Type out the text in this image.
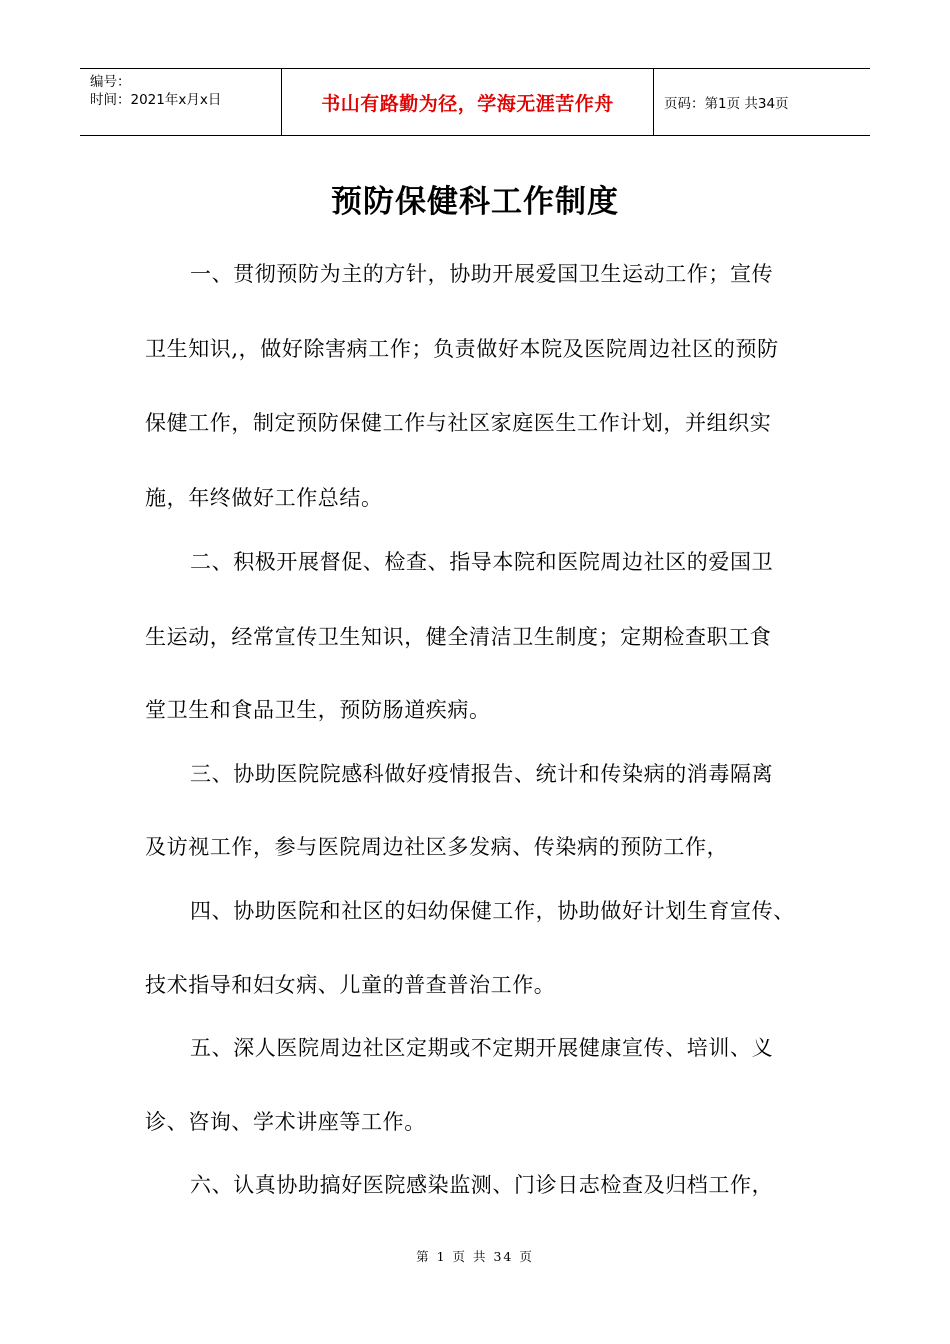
编号：
时间：2021年x月x日	书山有路勤为径，学海无涯苦作舟	页码：第1页 共34页
预防保健科工作制度
一、贯彻预防为主的方针，协助开展爱国卫生运动工作；宣传
卫生知识,，做好除害病工作；负责做好本院及医院周边社区的预防
保健工作，制定预防保健工作与社区家庭医生工作计划，并组织实
施，年终做好工作总结。
二、积极开展督促、检查、指导本院和医院周边社区的爱国卫
生运动，经常宣传卫生知识，健全清洁卫生制度；定期检查职工食
堂卫生和食品卫生，预防肠道疾病。
三、协助医院院感科做好疫情报告、统计和传染病的消毒隔离
及访视工作，参与医院周边社区多发病、传染病的预防工作，
四、协助医院和社区的妇幼保健工作，协助做好计划生育宣传、
技术指导和妇女病、儿童的普查普治工作。
五、深人医院周边社区定期或不定期开展健康宣传、培训、义
诊、咨询、学术讲座等工作。
六、认真协助搞好医院感染监测、门诊日志检查及归档工作，
第 1 页 共 34 页
